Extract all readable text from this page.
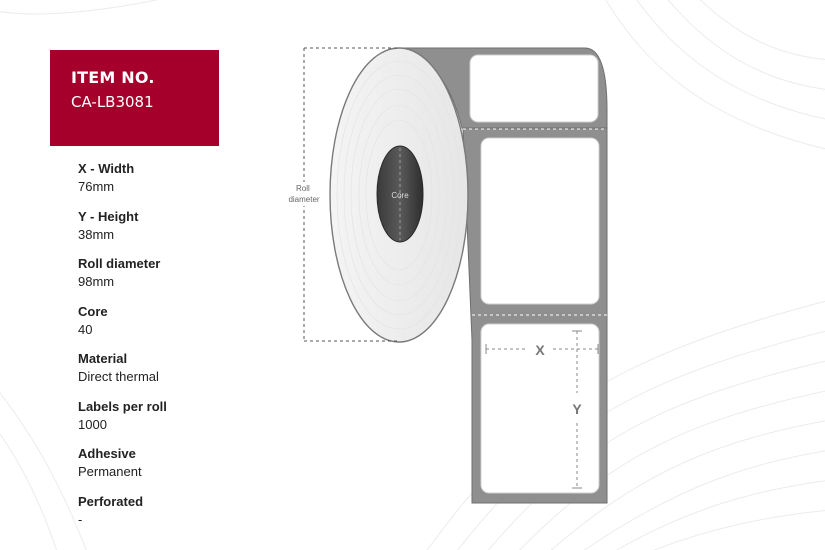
ITEM NO.
CA-LB3081
X - Width
76mm
Y - Height
38mm
Roll diameter
98mm
Core
40
Material
Direct thermal
Labels per roll
1000
Adhesive
Permanent
Perforated
-
Core
Roll diameter
X
Y
